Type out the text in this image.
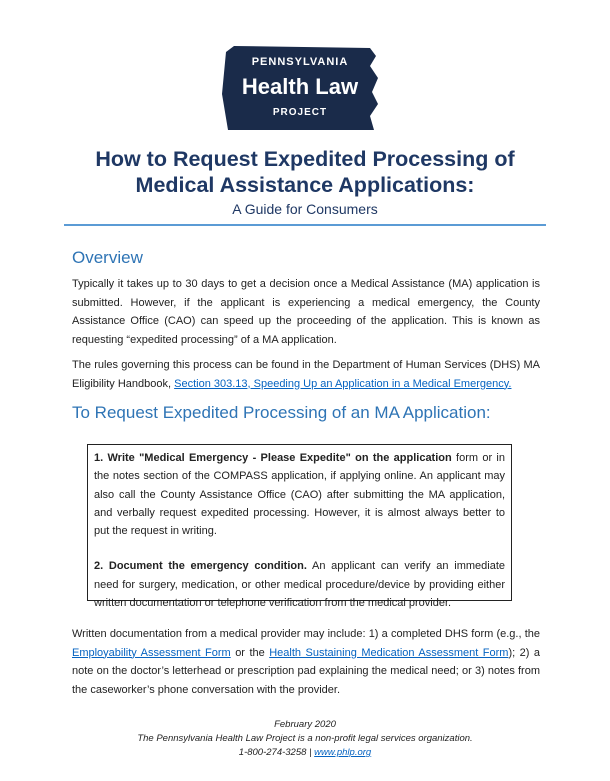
PENNSYLVANIA
Health Law
PROJECT
How to Request Expedited Processing of
Medical Assistance Applications:
A Guide for Consumers
Overview

Typically it takes up to 30 days to get a decision once a Medical Assistance (MA) application is submitted. However, if the applicant is experiencing a medical emergency, the County Assistance Office (CAO) can speed up the proceeding of the application. This is known as requesting “expedited processing” of a MA application.

The rules governing this process can be found in the Department of Human Services (DHS) MA Eligibility Handbook, Section 303.13, Speeding Up an Application in a Medical Emergency.

To Request Expedited Processing of an MA Application:

1. Write "Medical Emergency - Please Expedite" on the application form or in the notes section of the COMPASS application, if applying online. An applicant may also call the County Assistance Office (CAO) after submitting the MA application, and verbally request expedited processing. However, it is almost always better to put the request in writing.

2. Document the emergency condition. An applicant can verify an immediate need for surgery, medication, or other medical procedure/device by providing either written documentation or telephone verification from the medical provider.

Written documentation from a medical provider may include: 1) a completed DHS form (e.g., the Employability Assessment Form or the Health Sustaining Medication Assessment Form); 2) a note on the doctor’s letterhead or prescription pad explaining the medical need; or 3) notes from the caseworker’s phone conversation with the provider.

February 2020
The Pennsylvania Health Law Project is a non-profit legal services organization.
1-800-274-3258 | www.phlp.org
